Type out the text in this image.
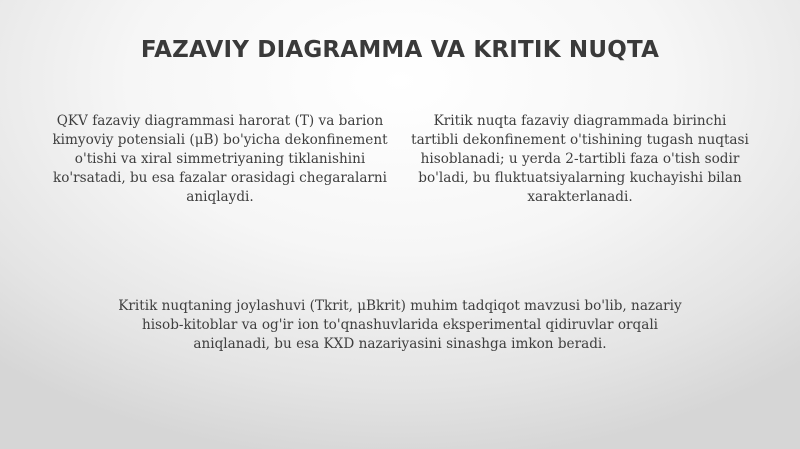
FAZAVIY DIAGRAMMA VA KRITIK NUQTA

QKV fazaviy diagrammasi harorat (T) va barion kimyoviy potensiali (μB) bo'yicha dekonfinement o'tishi va xiral simmetriyaning tiklanishini ko'rsatadi, bu esa fazalar orasidagi chegaralarni aniqlaydi.

Kritik nuqta fazaviy diagrammada birinchi tartibli dekonfinement o'tishining tugash nuqtasi hisoblanadi; u yerda 2-tartibli faza o'tish sodir bo'ladi, bu fluktuatsiyalarning kuchayishi bilan xarakterlanadi.

Kritik nuqtaning joylashuvi (Tkrit, μBkrit) muhim tadqiqot mavzusi bo'lib, nazariy hisob-kitoblar va og'ir ion to'qnashuvlarida eksperimental qidiruvlar orqali aniqlanadi, bu esa KXD nazariyasini sinashga imkon beradi.
